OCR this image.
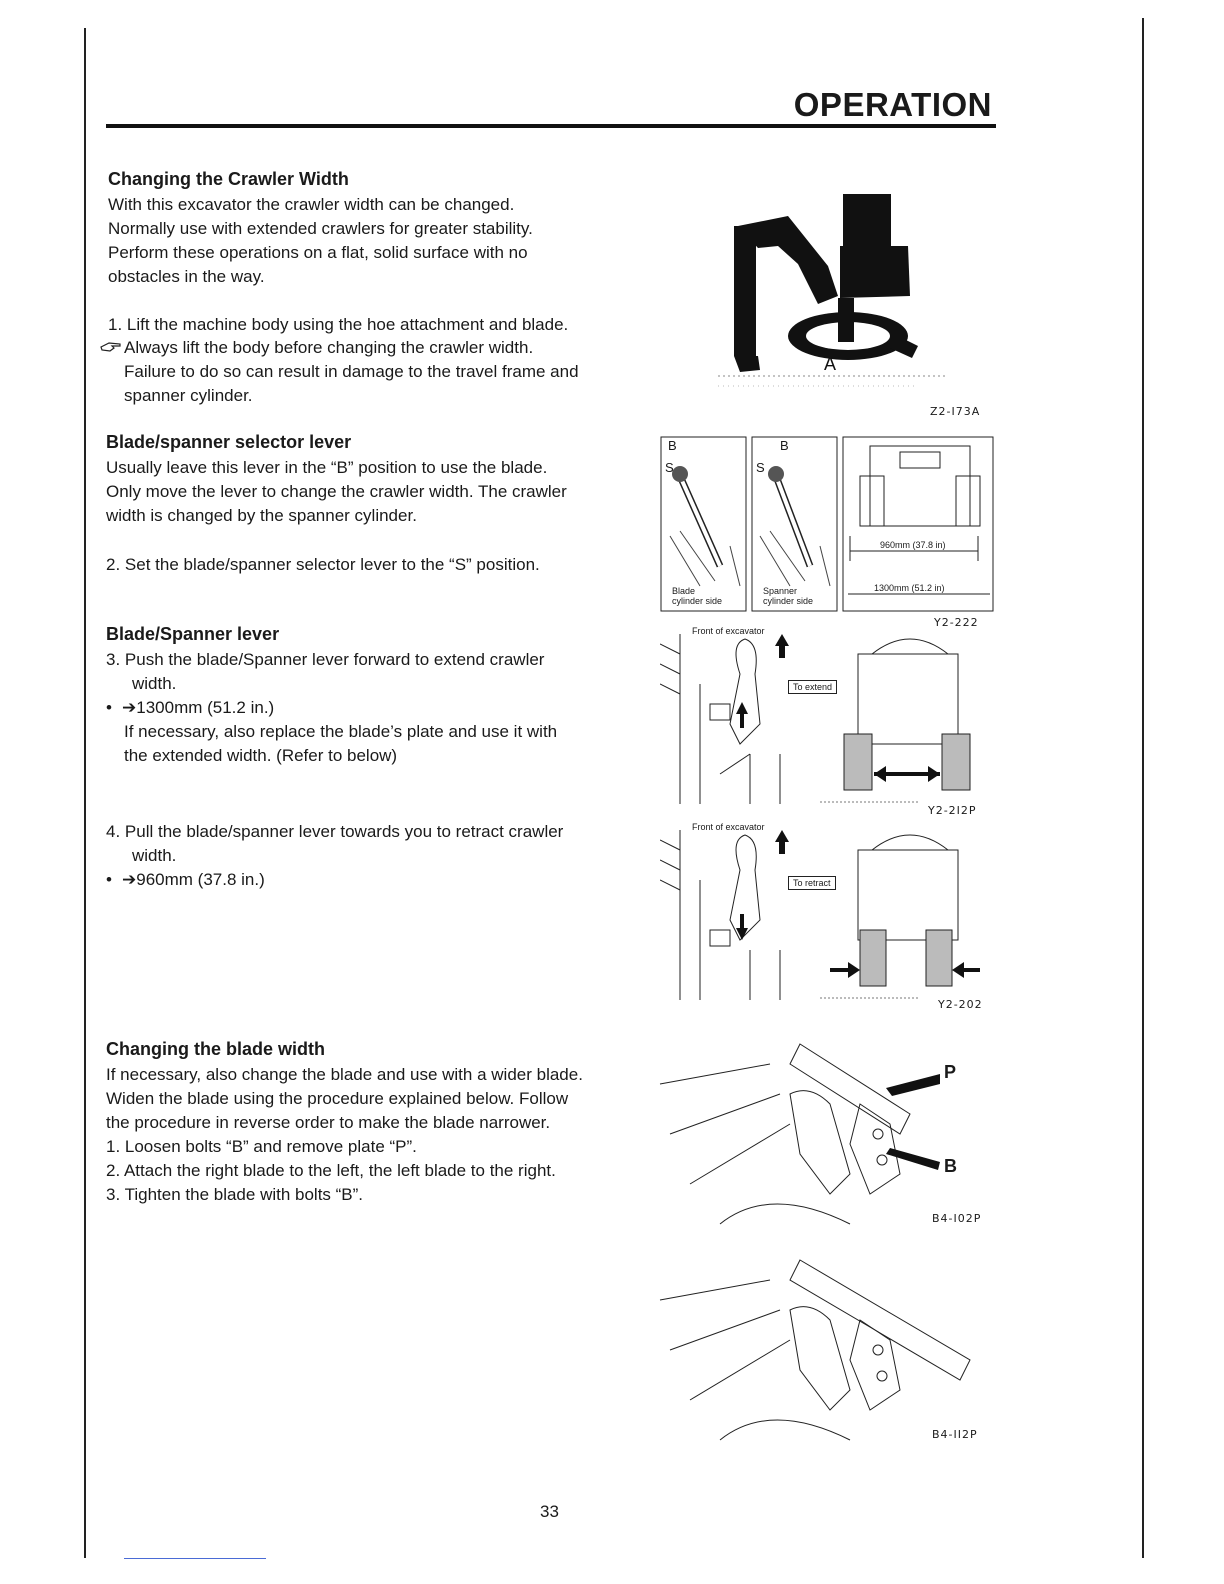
OPERATION
Changing the Crawler Width
With this excavator the crawler width can be changed.
Normally use with extended crawlers for greater stability.
Perform these operations on a flat, solid surface with no
obstacles in the way.
1. Lift the machine body using the hoe attachment and blade.
Always lift the body before changing the crawler width.
Failure to do so can result in damage to the travel frame and
spanner cylinder.
Blade/spanner selector lever
Usually leave this lever in the “B” position to use the blade.
Only move the lever to change the crawler width. The crawler
width is changed by the spanner cylinder.
2. Set the blade/spanner selector lever to the “S” position.
Blade/Spanner lever
3. Push the blade/Spanner lever forward to extend crawler
width.
• ➔1300mm (51.2 in.)
If necessary, also replace the blade’s plate and use it with
the extended width. (Refer to below)
4. Pull the blade/spanner lever towards you to retract crawler
width.
• ➔960mm (37.8 in.)
Changing the blade width
If necessary, also change the blade and use with a wider blade.
Widen the blade using the procedure explained below. Follow
the procedure in reverse order to make the blade narrower.
1. Loosen bolts “B” and remove plate “P”.
2. Attach the right blade to the left, the left blade to the right.
3. Tighten the blade with bolts “B”.
A
Z2-I73A
B
S
B
S
Blade
cylinder side
Spanner
cylinder side
960mm (37.8 in)
1300mm (51.2 in)
Y2-222
Front of excavator
To extend
Y2-2I2P
Front of excavator
To retract
Y2-202
P
B
B4-I02P
B4-II2P
33
